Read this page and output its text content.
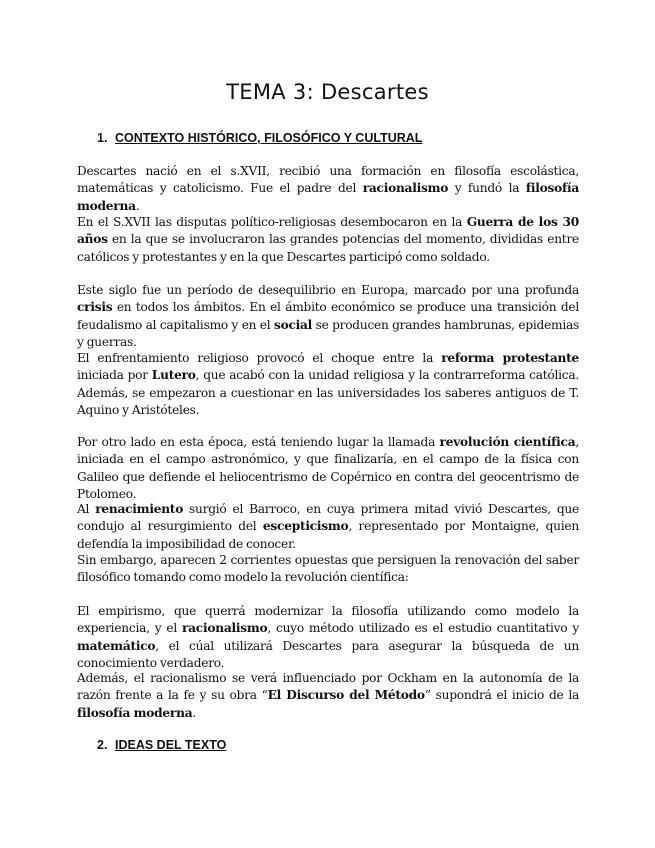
TEMA 3: Descartes
1. CONTEXTO HISTÓRICO, FILOSÓFICO Y CULTURAL
Descartes nació en el s.XVII, recibió una formación en filosofía escolástica, matemáticas y catolicismo. Fue el padre del racionalismo y fundó la filosofía moderna.
En el S.XVII las disputas político-religiosas desembocaron en la Guerra de los 30 años en la que se involucraron las grandes potencias del momento, divididas entre católicos y protestantes y en la que Descartes participó como soldado.
Este siglo fue un período de desequilibrio en Europa, marcado por una profunda crisis en todos los ámbitos. En el ámbito económico se produce una transición del feudalismo al capitalismo y en el social se producen grandes hambrunas, epidemias y guerras.
El enfrentamiento religioso provocó el choque entre la reforma protestante iniciada por Lutero, que acabó con la unidad religiosa y la contrarreforma católica. Además, se empezaron a cuestionar en las universidades los saberes antiguos de T. Aquino y Aristóteles.
Por otro lado en esta época, está teniendo lugar la llamada revolución científica, iniciada en el campo astronómico, y que finalizaría, en el campo de la física con Galileo que defiende el heliocentrismo de Copérnico en contra del geocentrismo de Ptolomeo.
Al renacimiento surgió el Barroco, en cuya primera mitad vivió Descartes, que condujo al resurgimiento del escepticismo, representado por Montaigne, quien defendía la imposibilidad de conocer.
Sin embargo, aparecen 2 corrientes opuestas que persiguen la renovación del saber filosófico tomando como modelo la revolución científica:
El empirismo, que querrá modernizar la filosofía utilizando como modelo la experiencia, y el racionalismo, cuyo método utilizado es el estudio cuantitativo y matemático, el cúal utilizará Descartes para asegurar la búsqueda de un conocimiento verdadero.
Además, el racionalismo se verá influenciado por Ockham en la autonomía de la razón frente a la fe y su obra “El Discurso del Método” supondrá el inicio de la filosofía moderna.
2. IDEAS DEL TEXTO
